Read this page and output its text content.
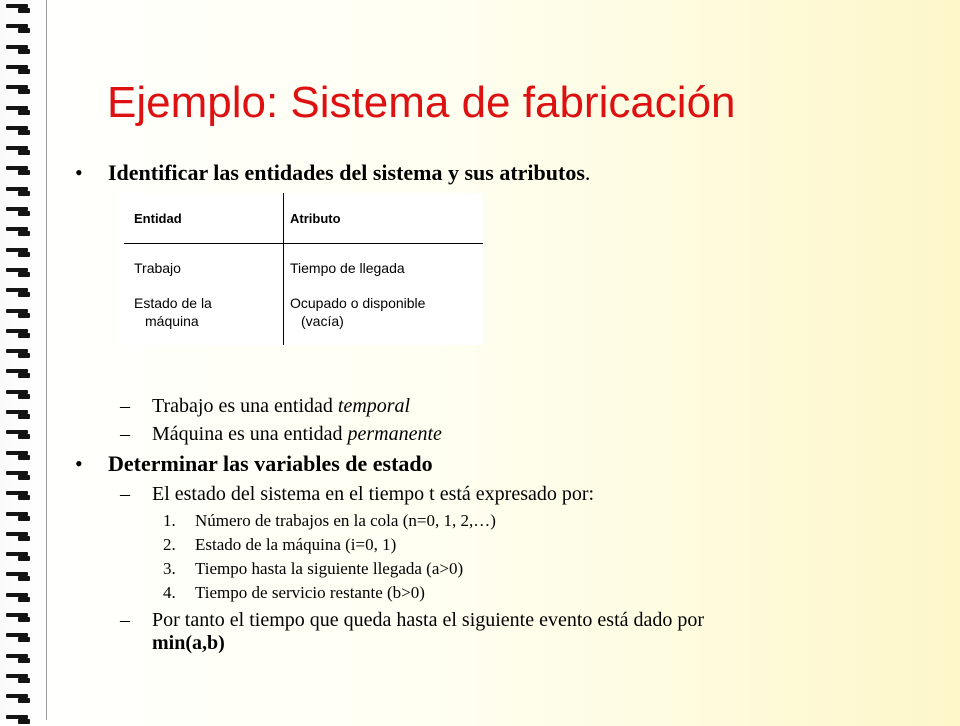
Ejemplo: Sistema de fabricación
• Identificar las entidades del sistema y sus atributos.
Entidad	Atributo
Trabajo	Tiempo de llegada
Estado de la
máquina
Ocupado o disponible
(vacía)
– Trabajo es una entidad temporal
– Máquina es una entidad permanente
• Determinar las variables de estado
– El estado del sistema en el tiempo t está expresado por:
1. Número de trabajos en la cola (n=0, 1, 2,…)
2. Estado de la máquina (i=0, 1)
3. Tiempo hasta la siguiente llegada (a>0)
4. Tiempo de servicio restante (b>0)
– Por tanto el tiempo que queda hasta el siguiente evento está dado por
min(a,b)
